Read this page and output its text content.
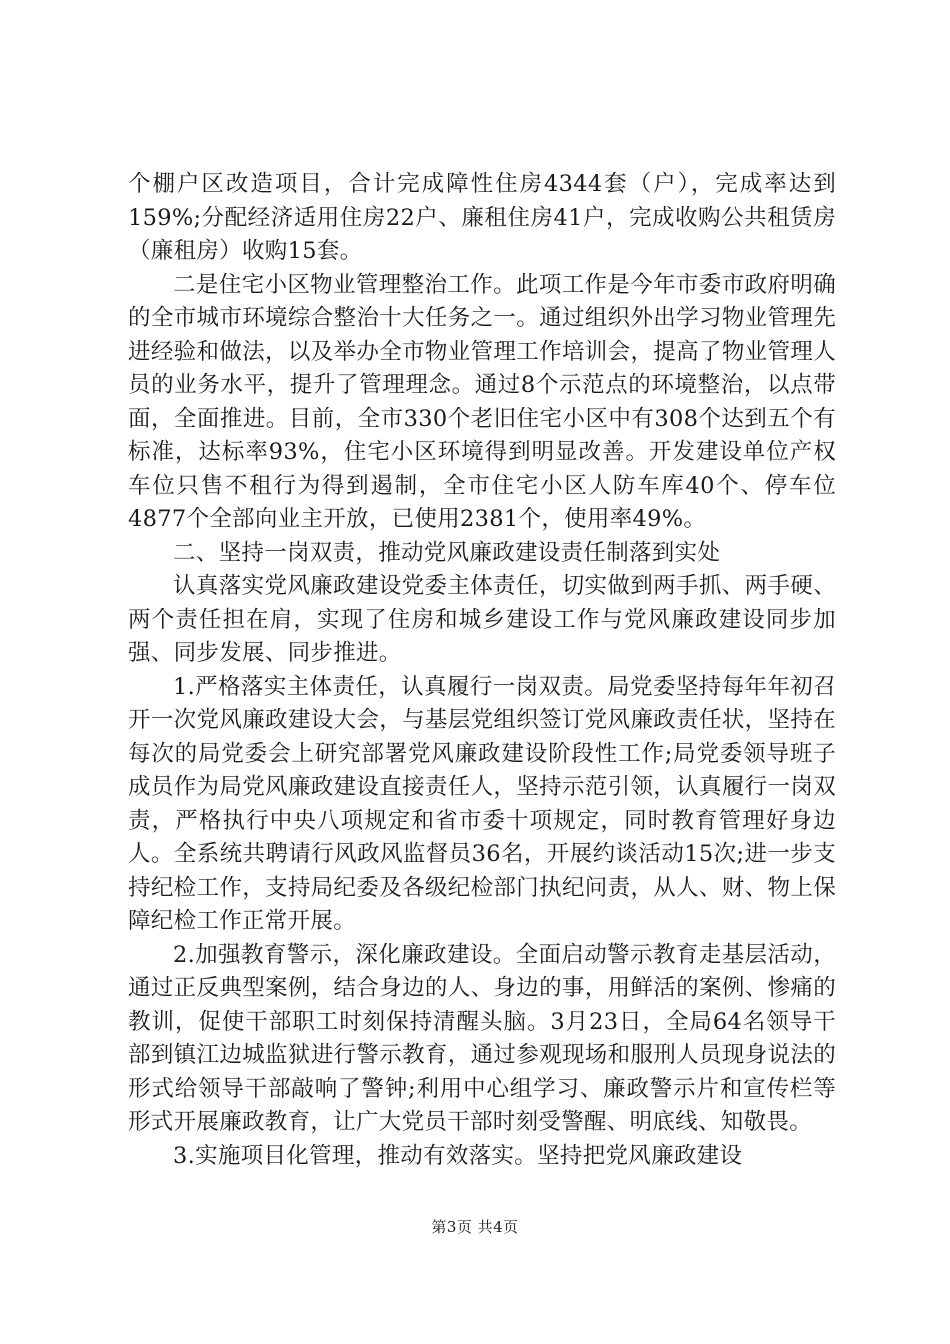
个棚户区改造项目，合计完成障性住房4344套（户），完成率达到159%;分配经济适用住房22户、廉租住房41户，完成收购公共租赁房（廉租房）收购15套。

二是住宅小区物业管理整治工作。此项工作是今年市委市政府明确的全市城市环境综合整治十大任务之一。通过组织外出学习物业管理先进经验和做法，以及举办全市物业管理工作培训会，提高了物业管理人员的业务水平，提升了管理理念。通过8个示范点的环境整治，以点带面，全面推进。目前，全市330个老旧住宅小区中有308个达到五个有标准，达标率93%，住宅小区环境得到明显改善。开发建设单位产权车位只售不租行为得到遏制，全市住宅小区人防车库40个、停车位4877个全部向业主开放，已使用2381个，使用率49%。

二、坚持一岗双责，推动党风廉政建设责任制落到实处

认真落实党风廉政建设党委主体责任，切实做到两手抓、两手硬、两个责任担在肩，实现了住房和城乡建设工作与党风廉政建设同步加强、同步发展、同步推进。

1.严格落实主体责任，认真履行一岗双责。局党委坚持每年年初召开一次党风廉政建设大会，与基层党组织签订党风廉政责任状，坚持在每次的局党委会上研究部署党风廉政建设阶段性工作;局党委领导班子成员作为局党风廉政建设直接责任人，坚持示范引领，认真履行一岗双责，严格执行中央八项规定和省市委十项规定，同时教育管理好身边人。全系统共聘请行风政风监督员36名，开展约谈活动15次;进一步支持纪检工作，支持局纪委及各级纪检部门执纪问责，从人、财、物上保障纪检工作正常开展。

2.加强教育警示，深化廉政建设。全面启动警示教育走基层活动，通过正反典型案例，结合身边的人、身边的事，用鲜活的案例、惨痛的教训，促使干部职工时刻保持清醒头脑。3月23日，全局64名领导干部到镇江边城监狱进行警示教育，通过参观现场和服刑人员现身说法的形式给领导干部敲响了警钟;利用中心组学习、廉政警示片和宣传栏等形式开展廉政教育，让广大党员干部时刻受警醒、明底线、知敬畏。

3.实施项目化管理，推动有效落实。坚持把党风廉政建设

第3页 共4页
